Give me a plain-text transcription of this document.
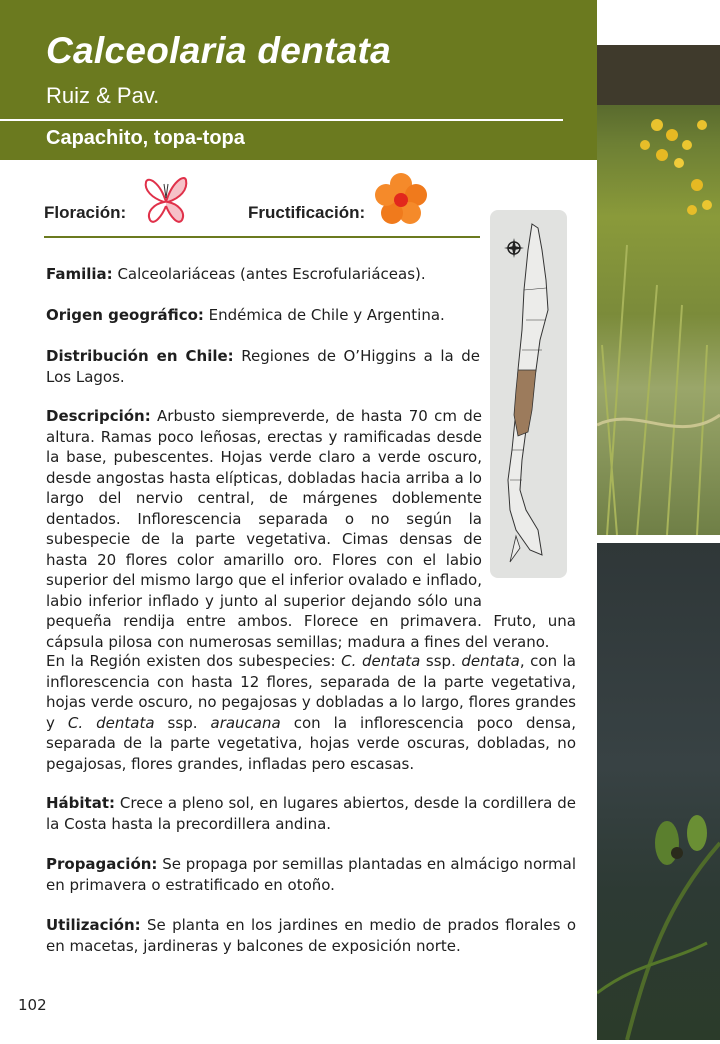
Calceolaria dentata
Ruiz & Pav.
Capachito, topa-topa
Floración:	Fructificación:

Familia: Calceolariáceas (antes Escrofulariáceas).

Origen geográfico: Endémica de Chile y Argentina.

Distribución en Chile: Regiones de O’Higgins a la de Los Lagos.

Descripción: Arbusto siempreverde, de hasta 70 cm de altura. Ramas poco leñosas, erectas y ramificadas desde la base, pubescentes. Hojas verde claro a verde oscuro, desde angostas hasta elípticas, dobladas hacia arriba a lo largo del nervio central, de márgenes doblemente dentados. Inflorescencia separada o no según la subespecie de la parte vegetativa. Cimas densas de hasta 20 flores color amarillo oro. Flores con el labio superior del mismo largo que el inferior ovalado e inflado, labio inferior inflado y junto al superior dejando sólo una pequeña rendija entre ambos. Florece en primavera. Fruto, una cápsula pilosa con numerosas semillas; madura a fines del verano.

En la Región existen dos subespecies: C. dentata ssp. dentata, con la inflorescencia con hasta 12 flores, separada de la parte vegetativa, hojas verde oscuro, no pegajosas y dobladas a lo largo, flores grandes y C. dentata ssp. araucana con la inflorescencia poco densa, separada de la parte vegetativa, hojas verde oscuras, dobladas, no pegajosas, flores grandes, infladas pero escasas.

Hábitat: Crece a pleno sol, en lugares abiertos, desde la cordillera de la Costa hasta la precordillera andina.

Propagación: Se propaga por semillas plantadas en almácigo normal en primavera o estratificado en otoño.

Utilización: Se planta en los jardines en medio de prados florales o en macetas, jardineras y balcones de exposición norte.

102
